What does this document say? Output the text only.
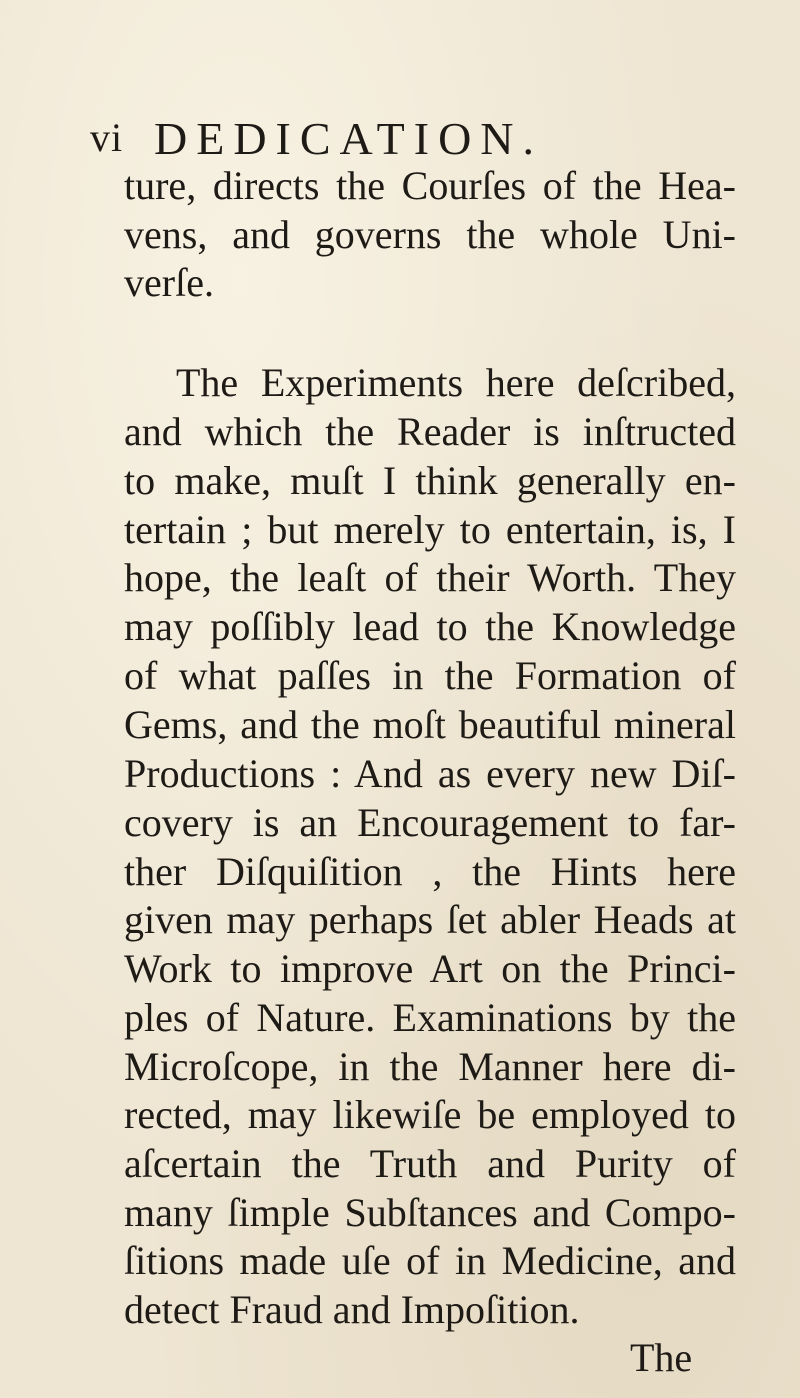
vi DEDICATION.
ture, directs the Courſes of the Hea-
vens, and governs the whole Uni-
verſe.
The Experiments here deſcribed,
and which the Reader is inſtructed
to make, muſt I think generally en-
tertain ; but merely to entertain, is, I
hope, the leaſt of their Worth. They
may poſſibly lead to the Knowledge
of what paſſes in the Formation of
Gems, and the moſt beautiful mineral
Productions : And as every new Diſ-
covery is an Encouragement to far-
ther Diſquiſition , the Hints here
given may perhaps ſet abler Heads at
Work to improve Art on the Princi-
ples of Nature. Examinations by the
Microſcope, in the Manner here di-
rected, may likewiſe be employed to
aſcertain the Truth and Purity of
many ſimple Subſtances and Compo-
ſitions made uſe of in Medicine, and
detect Fraud and Impoſition.
The
